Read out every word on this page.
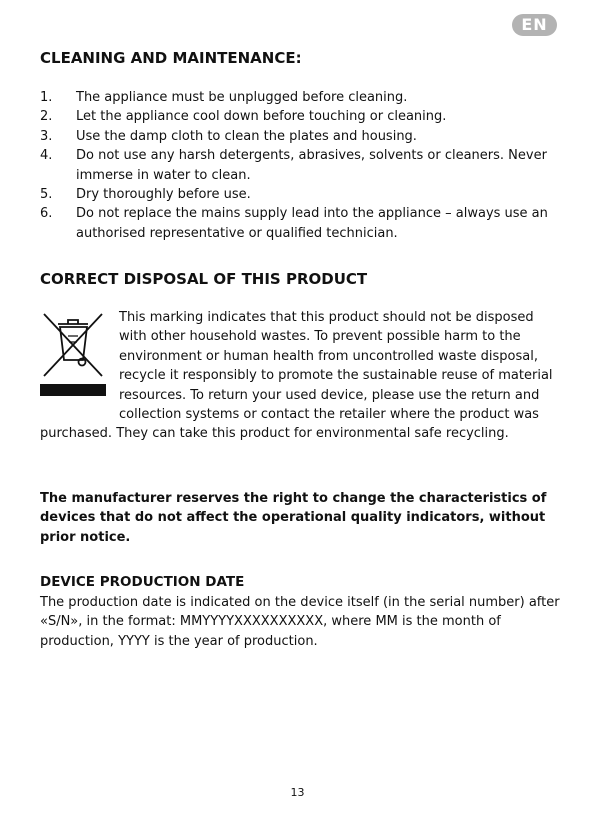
EN
CLEANING AND MAINTENANCE:
1.	The appliance must be unplugged before cleaning.
2.	Let the appliance cool down before touching or cleaning.
3.	Use the damp cloth to clean the plates and housing.
4.	Do not use any harsh detergents, abrasives, solvents or cleaners. Never immerse in water to clean.
5.	Dry thoroughly before use.
6.	Do not replace the mains supply lead into the appliance – always use an authorised representative or qualified technician.
CORRECT DISPOSAL OF THIS PRODUCT

This marking indicates that this product should not be disposed with other household wastes. To prevent possible harm to the environment or human health from uncontrolled waste disposal, recycle it responsibly to promote the sustainable reuse of material resources. To return your used device, please use the return and collection systems or contact the retailer where the product was purchased. They can take this product for environmental safe recycling.

The manufacturer reserves the right to change the characteristics of devices that do not affect the operational quality indicators, without prior notice.

DEVICE PRODUCTION DATE

The production date is indicated on the device itself (in the serial number) after «S/N», in the format: MMYYYYXXXXXXXXXX, where MM is the month of production, YYYY is the year of production.

13
